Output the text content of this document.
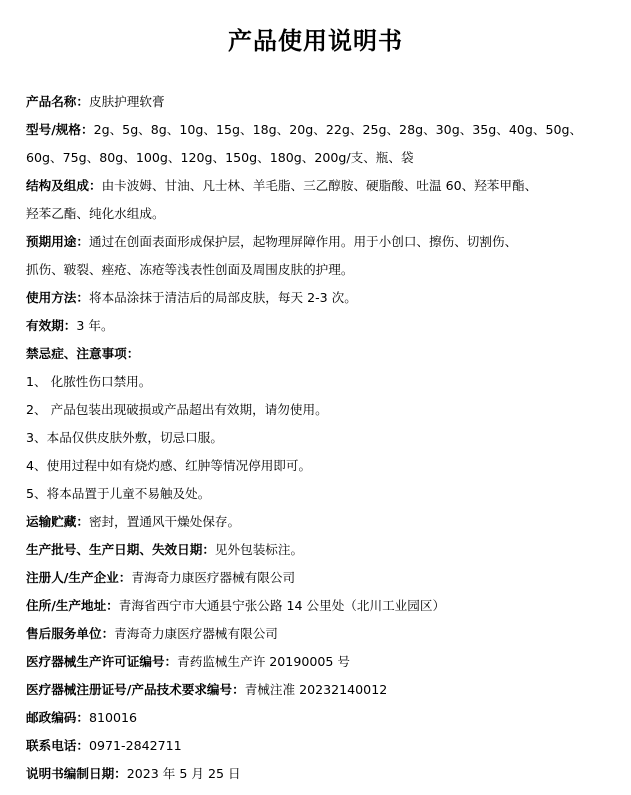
产品使用说明书
产品名称：皮肤护理软膏
型号/规格：2g、5g、8g、10g、15g、18g、20g、22g、25g、28g、30g、35g、40g、50g、
60g、75g、80g、100g、120g、150g、180g、200g/支、瓶、袋
结构及组成：由卡波姆、甘油、凡士林、羊毛脂、三乙醇胺、硬脂酸、吐温 60、羟苯甲酯、
羟苯乙酯、纯化水组成。
预期用途：通过在创面表面形成保护层，起物理屏障作用。用于小创口、擦伤、切割伤、
抓伤、皲裂、痤疮、冻疮等浅表性创面及周围皮肤的护理。
使用方法：将本品涂抹于清洁后的局部皮肤，每天 2-3 次。
有效期：3 年。
禁忌症、注意事项：
1、 化脓性伤口禁用。
2、 产品包装出现破损或产品超出有效期，请勿使用。
3、本品仅供皮肤外敷，切忌口服。
4、使用过程中如有烧灼感、红肿等情况停用即可。
5、将本品置于儿童不易触及处。
运输贮藏：密封，置通风干燥处保存。
生产批号、生产日期、失效日期：见外包装标注。
注册人/生产企业：青海奇力康医疗器械有限公司
住所/生产地址：青海省西宁市大通县宁张公路 14 公里处（北川工业园区）
售后服务单位：青海奇力康医疗器械有限公司
医疗器械生产许可证编号：青药监械生产许 20190005 号
医疗器械注册证号/产品技术要求编号：青械注准 20232140012
邮政编码：810016
联系电话：0971-2842711
说明书编制日期：2023 年 5 月 25 日
